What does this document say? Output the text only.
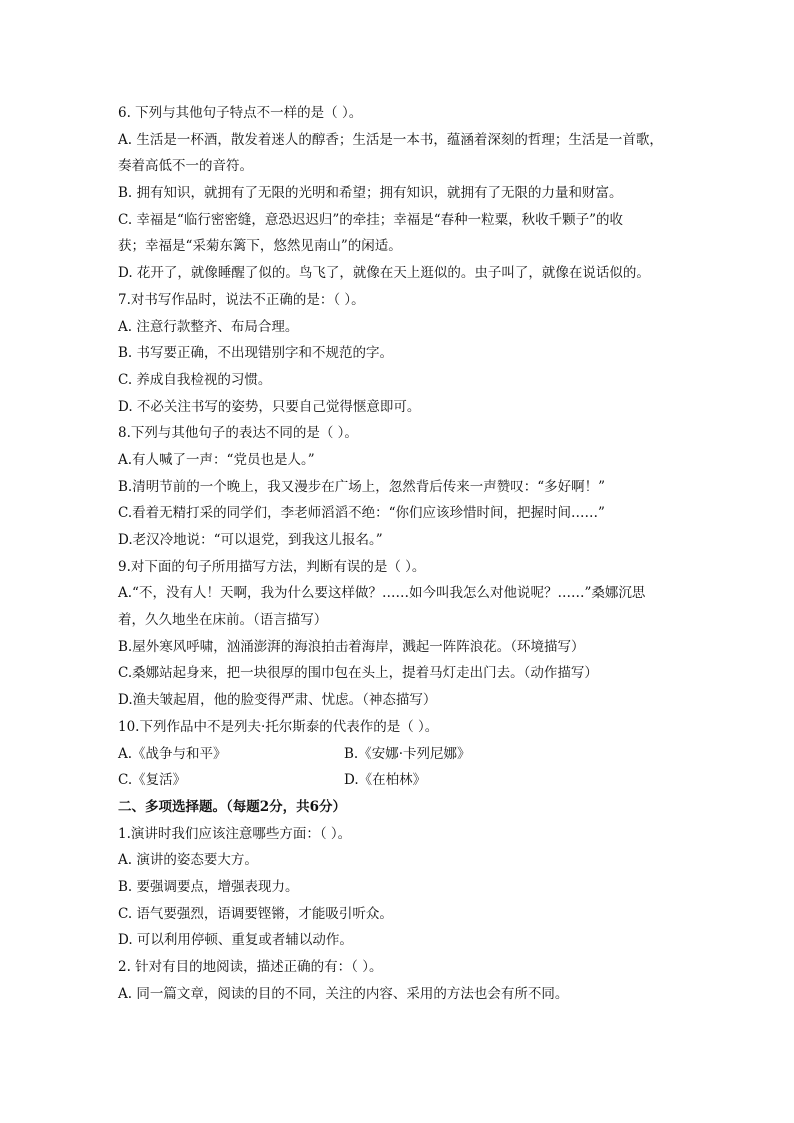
6. 下列与其他句子特点不一样的是（ ）。
A. 生活是一杯酒，散发着迷人的醇香；生活是一本书，蕴涵着深刻的哲理；生活是一首歌，
奏着高低不一的音符。
B. 拥有知识，就拥有了无限的光明和希望；拥有知识，就拥有了无限的力量和财富。
C. 幸福是“临行密密缝，意恐迟迟归”的牵挂；幸福是“春种一粒粟，秋收千颗子”的收
获；幸福是“采菊东篱下，悠然见南山”的闲适。
D. 花开了，就像睡醒了似的。鸟飞了，就像在天上逛似的。虫子叫了，就像在说话似的。
7.对书写作品时，说法不正确的是：（ ）。
A. 注意行款整齐、布局合理。
B. 书写要正确，不出现错别字和不规范的字。
C. 养成自我检视的习惯。
D. 不必关注书写的姿势，只要自己觉得惬意即可。
8.下列与其他句子的表达不同的是（ ）。
A.有人喊了一声：“党员也是人。”
B.清明节前的一个晚上，我又漫步在广场上，忽然背后传来一声赞叹：“多好啊！”
C.看着无精打采的同学们，李老师滔滔不绝：“你们应该珍惜时间，把握时间……”
D.老汉冷地说：“可以退党，到我这儿报名。”
9.对下面的句子所用描写方法，判断有误的是（ ）。
A.“不，没有人！天啊，我为什么要这样做？……如今叫我怎么对他说呢？……”桑娜沉思
着，久久地坐在床前。（语言描写）
B.屋外寒风呼啸，汹涌澎湃的海浪拍击着海岸，溅起一阵阵浪花。（环境描写）
C.桑娜站起身来，把一块很厚的围巾包在头上，提着马灯走出门去。（动作描写）
D.渔夫皱起眉，他的脸变得严肃、忧虑。（神态描写）
10.下列作品中不是列夫·托尔斯泰的代表作的是（ ）。
A.《战争与和平》	B.《安娜·卡列尼娜》
C.《复活》	D.《在柏林》
二、多项选择题。（每题2分，共6分）
1.演讲时我们应该注意哪些方面：（ ）。
A. 演讲的姿态要大方。
B. 要强调要点，增强表现力。
C. 语气要强烈，语调要铿锵，才能吸引听众。
D. 可以利用停顿、重复或者辅以动作。
2. 针对有目的地阅读，描述正确的有：（ ）。
A. 同一篇文章，阅读的目的不同，关注的内容、采用的方法也会有所不同。
